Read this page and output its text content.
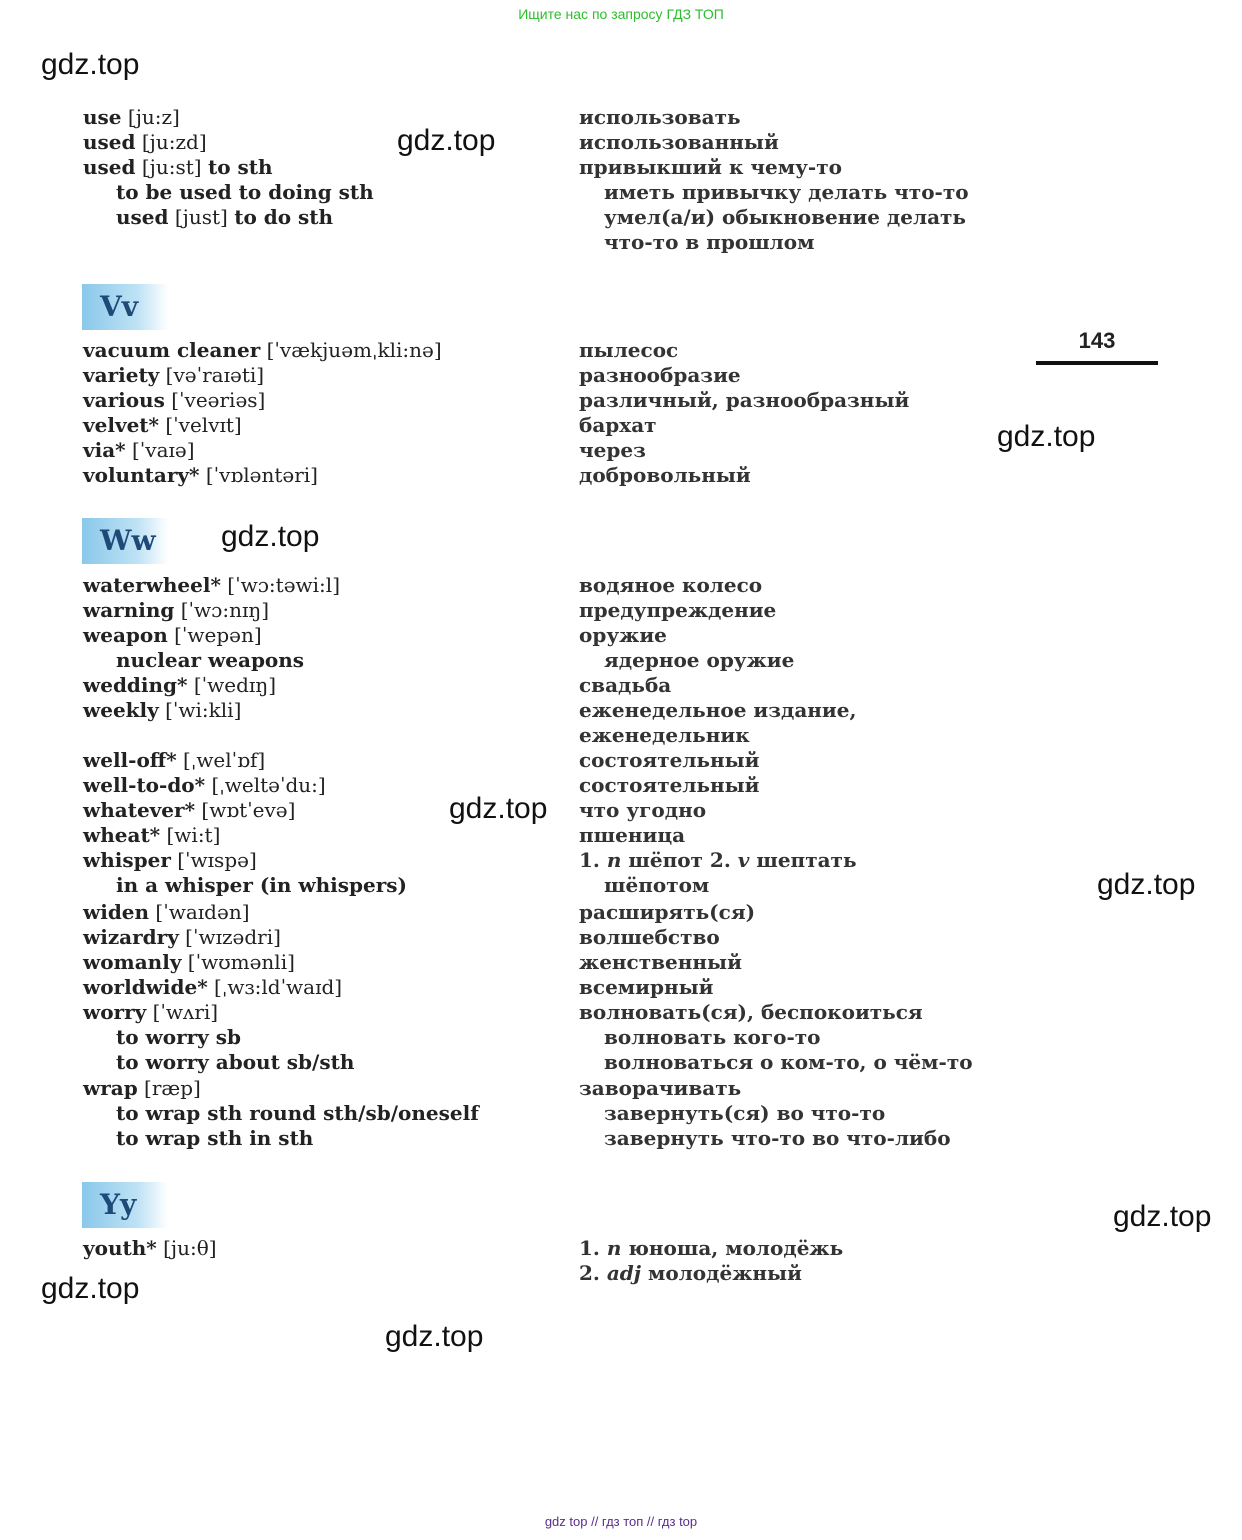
Ищите нас по запросу ГДЗ ТОП
gdz.top
gdz.top
gdz.top
gdz.top
gdz.top
gdz.top
gdz.top
gdz.top
gdz.top
143
use [ju:z]	использовать
used [ju:zd]	использованный
used [ju:st] to sth	привыкший к чему-то
to be used to doing sth	иметь привычку делать что-то
used [just] to do sth	умел(а/и) обыкновение делать
что-то в прошлом
Vv
vacuum cleaner [ˈvækjuəmˌkli:nə]	пылесос
variety [vəˈraɪəti]	разнообразие
various [ˈveəriəs]	различный, разнообразный
velvet* [ˈvelvɪt]	бархат
via* [ˈvaɪə]	через
voluntary* [ˈvɒləntəri]	добровольный
Ww
waterwheel* [ˈwɔ:təwi:l]	водяное колесо
warning [ˈwɔ:nɪŋ]	предупреждение
weapon [ˈwepən]	оружие
nuclear weapons	ядерное оружие
wedding* [ˈwedɪŋ]	свадьба
weekly [ˈwi:kli]	еженедельное издание,
еженедельник
well-off* [ˌwelˈɒf]	состоятельный
well-to-do* [ˌweltəˈdu:]	состоятельный
whatever* [wɒtˈevə]	что угодно
wheat* [wi:t]	пшеница
whisper [ˈwɪspə]	1. n шёпот 2. v шептать
in a whisper (in whispers)	шёпотом
widen [ˈwaɪdən]	расширять(ся)
wizardry [ˈwɪzədri]	волшебство
womanly [ˈwʊmənli]	женственный
worldwide* [ˌwɜ:ldˈwaɪd]	всемирный
worry [ˈwʌri]	волновать(ся), беспокоиться
to worry sb	волновать кого-то
to worry about sb/sth	волноваться о ком-то, о чём-то
wrap [ræp]	заворачивать
to wrap sth round sth/sb/oneself	завернуть(ся) во что-то
to wrap sth in sth	завернуть что-то во что-либо
Yy
youth* [ju:θ]	1. n юноша, молодёжь
2. adj молодёжный
gdz top // гдз топ // гдз top
